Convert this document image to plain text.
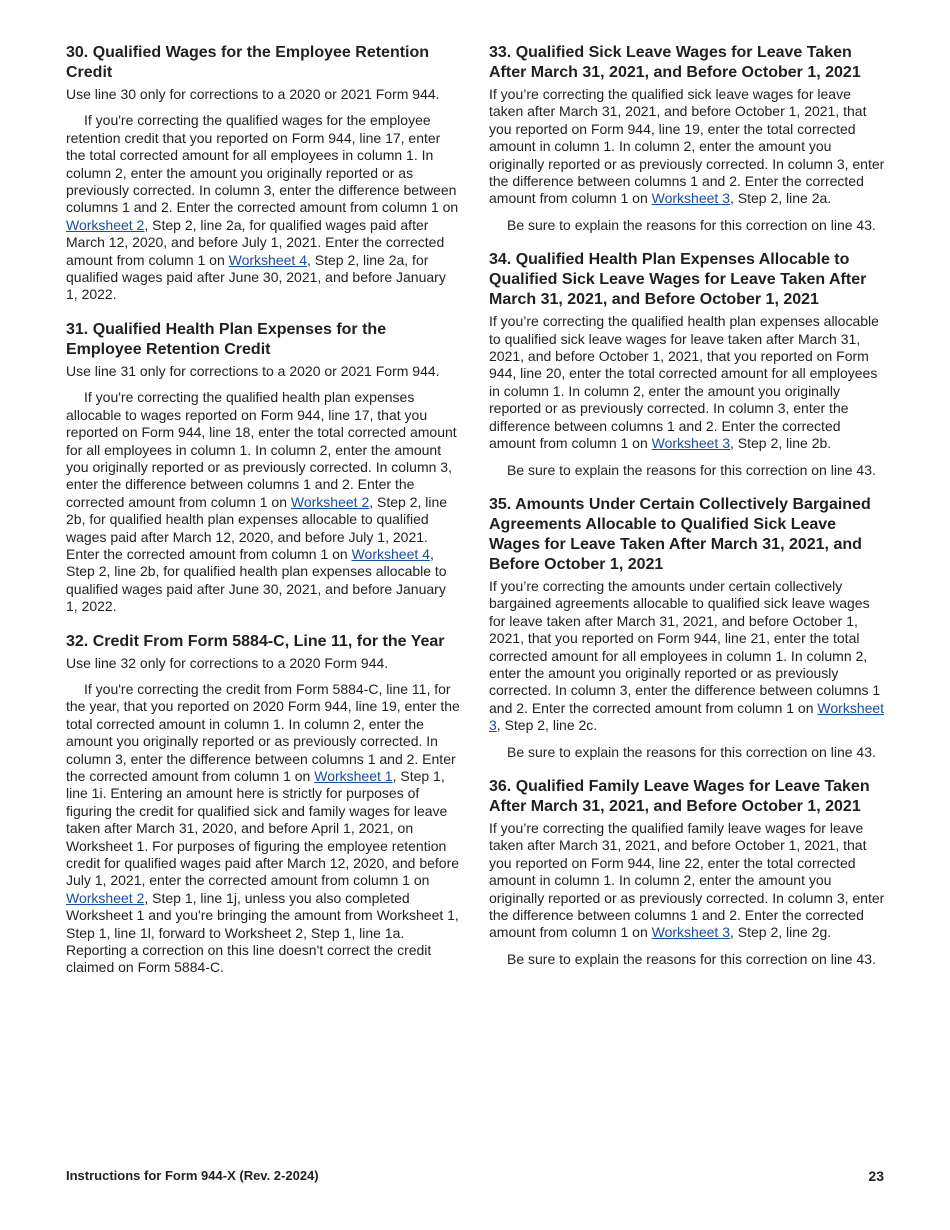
30. Qualified Wages for the Employee Retention Credit

Use line 30 only for corrections to a 2020 or 2021 Form 944.

If you're correcting the qualified wages for the employee retention credit that you reported on Form 944, line 17, enter the total corrected amount for all employees in column 1. In column 2, enter the amount you originally reported or as previously corrected. In column 3, enter the difference between columns 1 and 2. Enter the corrected amount from column 1 on Worksheet 2, Step 2, line 2a, for qualified wages paid after March 12, 2020, and before July 1, 2021. Enter the corrected amount from column 1 on Worksheet 4, Step 2, line 2a, for qualified wages paid after June 30, 2021, and before January 1, 2022.

31. Qualified Health Plan Expenses for the Employee Retention Credit

Use line 31 only for corrections to a 2020 or 2021 Form 944.

If you're correcting the qualified health plan expenses allocable to wages reported on Form 944, line 17, that you reported on Form 944, line 18, enter the total corrected amount for all employees in column 1. In column 2, enter the amount you originally reported or as previously corrected. In column 3, enter the difference between columns 1 and 2. Enter the corrected amount from column 1 on Worksheet 2, Step 2, line 2b, for qualified health plan expenses allocable to qualified wages paid after March 12, 2020, and before July 1, 2021. Enter the corrected amount from column 1 on Worksheet 4, Step 2, line 2b, for qualified health plan expenses allocable to qualified wages paid after June 30, 2021, and before January 1, 2022.

32. Credit From Form 5884-C, Line 11, for the Year

Use line 32 only for corrections to a 2020 Form 944.

If you're correcting the credit from Form 5884-C, line 11, for the year, that you reported on 2020 Form 944, line 19, enter the total corrected amount in column 1. In column 2, enter the amount you originally reported or as previously corrected. In column 3, enter the difference between columns 1 and 2. Enter the corrected amount from column 1 on Worksheet 1, Step 1, line 1i. Entering an amount here is strictly for purposes of figuring the credit for qualified sick and family wages for leave taken after March 31, 2020, and before April 1, 2021, on Worksheet 1. For purposes of figuring the employee retention credit for qualified wages paid after March 12, 2020, and before July 1, 2021, enter the corrected amount from column 1 on Worksheet 2, Step 1, line 1j, unless you also completed Worksheet 1 and you're bringing the amount from Worksheet 1, Step 1, line 1l, forward to Worksheet 2, Step 1, line 1a. Reporting a correction on this line doesn't correct the credit claimed on Form 5884-C.

33. Qualified Sick Leave Wages for Leave Taken After March 31, 2021, and Before October 1, 2021

If you’re correcting the qualified sick leave wages for leave taken after March 31, 2021, and before October 1, 2021, that you reported on Form 944, line 19, enter the total corrected amount in column 1. In column 2, enter the amount you originally reported or as previously corrected. In column 3, enter the difference between columns 1 and 2. Enter the corrected amount from column 1 on Worksheet 3, Step 2, line 2a.

Be sure to explain the reasons for this correction on line 43.

34. Qualified Health Plan Expenses Allocable to Qualified Sick Leave Wages for Leave Taken After March 31, 2021, and Before October 1, 2021

If you’re correcting the qualified health plan expenses allocable to qualified sick leave wages for leave taken after March 31, 2021, and before October 1, 2021, that you reported on Form 944, line 20, enter the total corrected amount for all employees in column 1. In column 2, enter the amount you originally reported or as previously corrected. In column 3, enter the difference between columns 1 and 2. Enter the corrected amount from column 1 on Worksheet 3, Step 2, line 2b.

Be sure to explain the reasons for this correction on line 43.

35. Amounts Under Certain Collectively Bargained Agreements Allocable to Qualified Sick Leave Wages for Leave Taken After March 31, 2021, and Before October 1, 2021

If you’re correcting the amounts under certain collectively bargained agreements allocable to qualified sick leave wages for leave taken after March 31, 2021, and before October 1, 2021, that you reported on Form 944, line 21, enter the total corrected amount for all employees in column 1. In column 2, enter the amount you originally reported or as previously corrected. In column 3, enter the difference between columns 1 and 2. Enter the corrected amount from column 1 on Worksheet 3, Step 2, line 2c.

Be sure to explain the reasons for this correction on line 43.

36. Qualified Family Leave Wages for Leave Taken After March 31, 2021, and Before October 1, 2021

If you’re correcting the qualified family leave wages for leave taken after March 31, 2021, and before October 1, 2021, that you reported on Form 944, line 22, enter the total corrected amount in column 1. In column 2, enter the amount you originally reported or as previously corrected. In column 3, enter the difference between columns 1 and 2. Enter the corrected amount from column 1 on Worksheet 3, Step 2, line 2g.

Be sure to explain the reasons for this correction on line 43.

Instructions for Form 944-X (Rev. 2-2024)	23
